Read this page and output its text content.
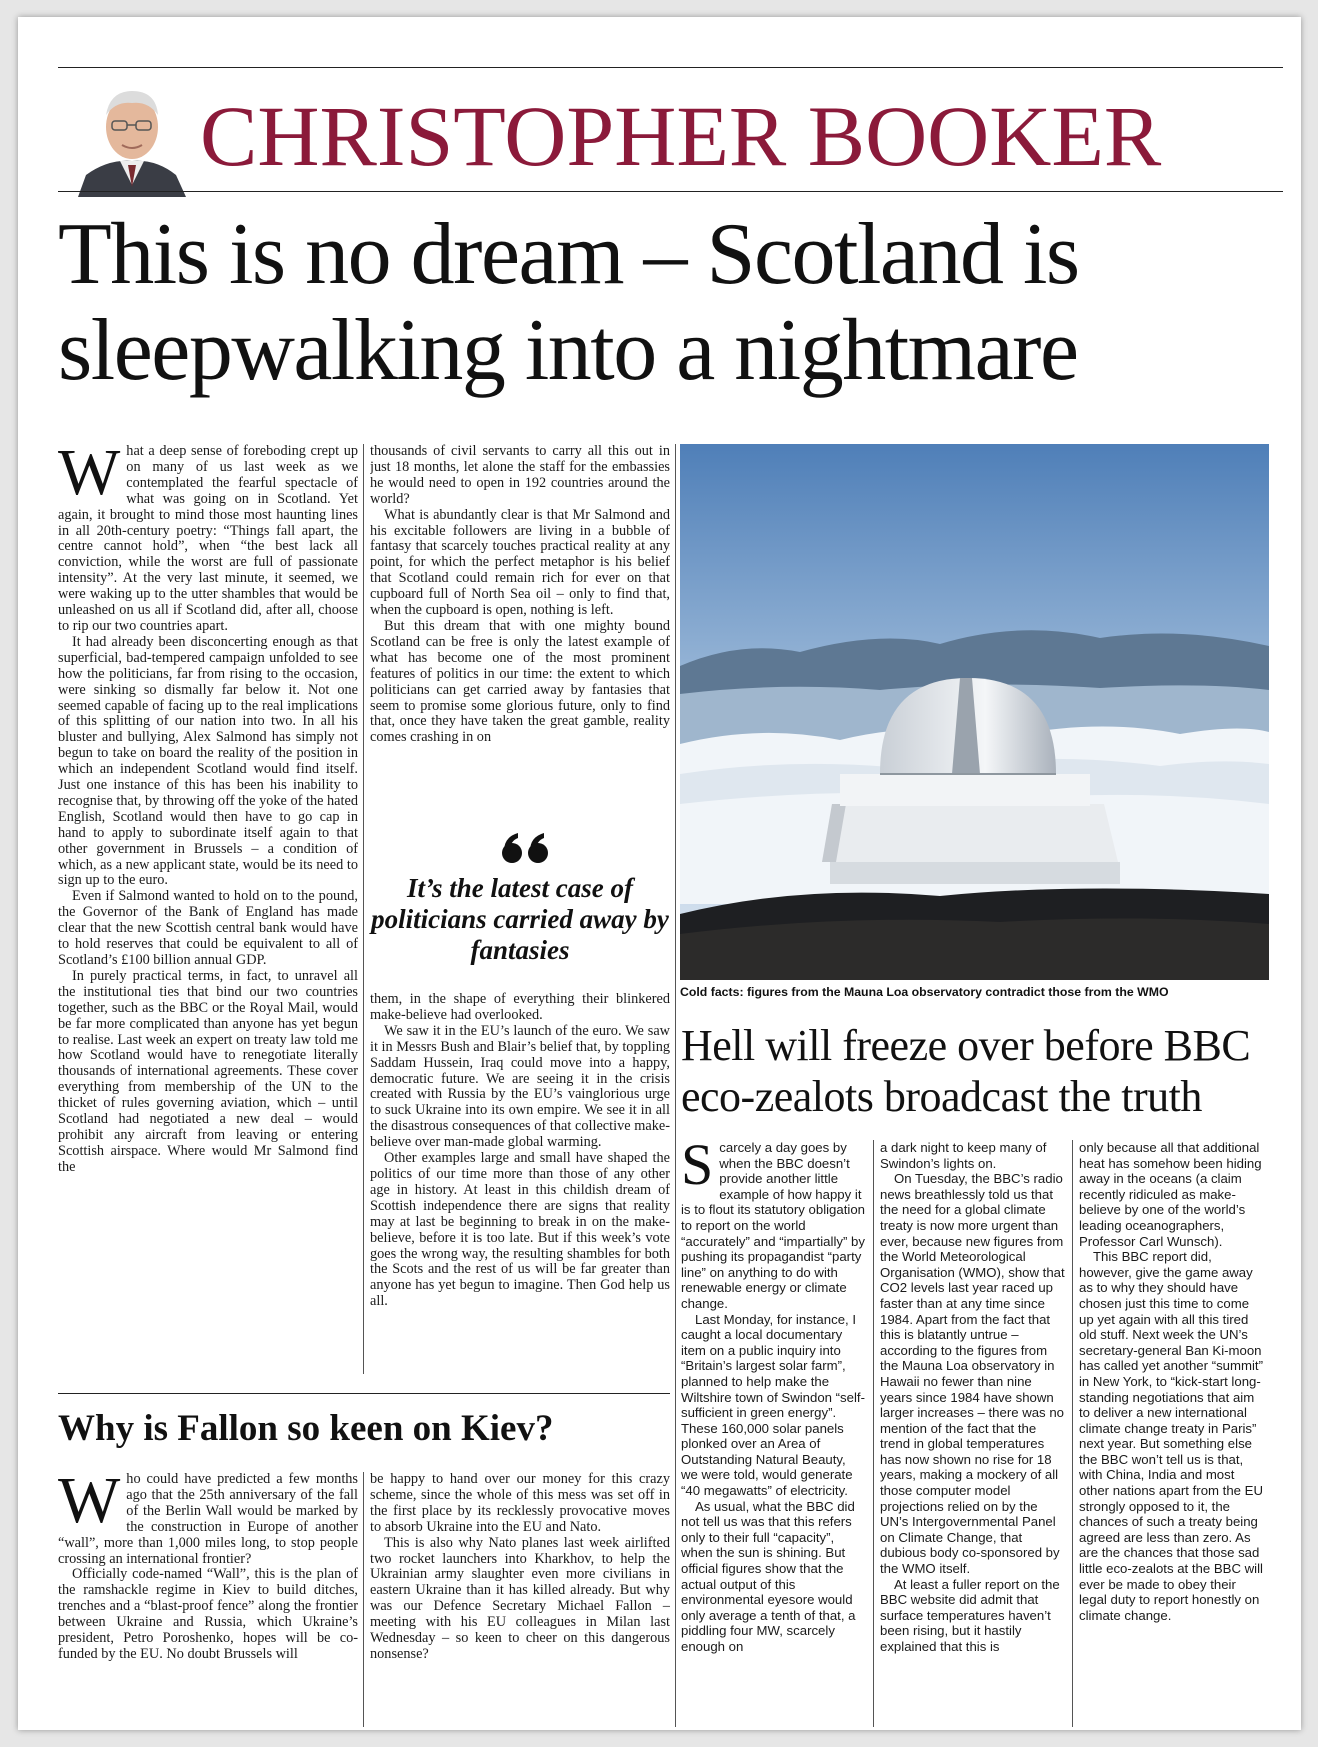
CHRISTOPHER BOOKER
This is no dream – Scotland is
sleepwalking into a nightmare

What a deep sense of foreboding crept up on many of us last week as we contemplated the fearful spectacle of what was going on in Scotland. Yet again, it brought to mind those most haunting lines in all 20th-century poetry: “Things fall apart, the centre cannot hold”, when “the best lack all conviction, while the worst are full of passionate intensity”. At the very last minute, it seemed, we were waking up to the utter shambles that would be unleashed on us all if Scotland did, after all, choose to rip our two countries apart.

It had already been disconcerting enough as that superficial, bad-tempered campaign unfolded to see how the politicians, far from rising to the occasion, were sinking so dismally far below it. Not one seemed capable of facing up to the real implications of this splitting of our nation into two. In all his bluster and bullying, Alex Salmond has simply not begun to take on board the reality of the position in which an independent Scotland would find itself. Just one instance of this has been his inability to recognise that, by throwing off the yoke of the hated English, Scotland would then have to go cap in hand to apply to subordinate itself again to that other government in Brussels – a condition of which, as a new applicant state, would be its need to sign up to the euro.

Even if Salmond wanted to hold on to the pound, the Governor of the Bank of England has made clear that the new Scottish central bank would have to hold reserves that could be equivalent to all of Scotland’s £100 billion annual GDP.

In purely practical terms, in fact, to unravel all the institutional ties that bind our two countries together, such as the BBC or the Royal Mail, would be far more complicated than anyone has yet begun to realise. Last week an expert on treaty law told me how Scotland would have to renegotiate literally thousands of international agreements. These cover everything from membership of the UN to the thicket of rules governing aviation, which – until Scotland had negotiated a new deal – would prohibit any aircraft from leaving or entering Scottish airspace. Where would Mr Salmond find the

thousands of civil servants to carry all this out in just 18 months, let alone the staff for the embassies he would need to open in 192 countries around the world?

What is abundantly clear is that Mr Salmond and his excitable followers are living in a bubble of fantasy that scarcely touches practical reality at any point, for which the perfect metaphor is his belief that Scotland could remain rich for ever on that cupboard full of North Sea oil – only to find that, when the cupboard is open, nothing is left.

But this dream that with one mighty bound Scotland can be free is only the latest example of what has become one of the most prominent features of politics in our time: the extent to which politicians can get carried away by fantasies that seem to promise some glorious future, only to find that, once they have taken the great gamble, reality comes crashing in on

It’s the latest case of politicians carried away by fantasies

them, in the shape of everything their blinkered make-believe had overlooked.

We saw it in the EU’s launch of the euro. We saw it in Messrs Bush and Blair’s belief that, by toppling Saddam Hussein, Iraq could move into a happy, democratic future. We are seeing it in the crisis created with Russia by the EU’s vainglorious urge to suck Ukraine into its own empire. We see it in all the disastrous consequences of that collective make-believe over man-made global warming.

Other examples large and small have shaped the politics of our time more than those of any other age in history. At least in this childish dream of Scottish independence there are signs that reality may at last be beginning to break in on the make-believe, before it is too late. But if this week’s vote goes the wrong way, the resulting shambles for both the Scots and the rest of us will be far greater than anyone has yet begun to imagine. Then God help us all.

Cold facts: figures from the Mauna Loa observatory contradict those from the WMO
Hell will freeze over before BBC
eco-zealots broadcast the truth

Scarcely a day goes by when the BBC doesn’t provide another little example of how happy it is to flout its statutory obligation to report on the world “accurately” and “impartially” by pushing its propagandist “party line” on anything to do with renewable energy or climate change.

Last Monday, for instance, I caught a local documentary item on a public inquiry into “Britain’s largest solar farm”, planned to help make the Wiltshire town of Swindon “self-sufficient in green energy”. These 160,000 solar panels plonked over an Area of Outstanding Natural Beauty, we were told, would generate “40 megawatts” of electricity.

As usual, what the BBC did not tell us was that this refers only to their full “capacity”, when the sun is shining. But official figures show that the actual output of this environmental eyesore would only average a tenth of that, a piddling four MW, scarcely enough on

a dark night to keep many of Swindon’s lights on.

On Tuesday, the BBC’s radio news breathlessly told us that the need for a global climate treaty is now more urgent than ever, because new figures from the World Meteorological Organisation (WMO), show that CO2 levels last year raced up faster than at any time since 1984. Apart from the fact that this is blatantly untrue – according to the figures from the Mauna Loa observatory in Hawaii no fewer than nine years since 1984 have shown larger increases – there was no mention of the fact that the trend in global temperatures has now shown no rise for 18 years, making a mockery of all those computer model projections relied on by the UN’s Intergovernmental Panel on Climate Change, that dubious body co-sponsored by the WMO itself.

At least a fuller report on the BBC website did admit that surface temperatures haven’t been rising, but it hastily explained that this is

only because all that additional heat has somehow been hiding away in the oceans (a claim recently ridiculed as make-believe by one of the world’s leading oceanographers, Professor Carl Wunsch).

This BBC report did, however, give the game away as to why they should have chosen just this time to come up yet again with all this tired old stuff. Next week the UN’s secretary-general Ban Ki-moon has called yet another “summit” in New York, to “kick-start long-standing negotiations that aim to deliver a new international climate change treaty in Paris” next year. But something else the BBC won’t tell us is that, with China, India and most other nations apart from the EU strongly opposed to it, the chances of such a treaty being agreed are less than zero. As are the chances that those sad little eco-zealots at the BBC will ever be made to obey their legal duty to report honestly on climate change.

Why is Fallon so keen on Kiev?

Who could have predicted a few months ago that the 25th anniversary of the fall of the Berlin Wall would be marked by the construction in Europe of another “wall”, more than 1,000 miles long, to stop people crossing an international frontier?

Officially code-named “Wall”, this is the plan of the ramshackle regime in Kiev to build ditches, trenches and a “blast-proof fence” along the frontier between Ukraine and Russia, which Ukraine’s president, Petro Poroshenko, hopes will be co-funded by the EU. No doubt Brussels will

be happy to hand over our money for this crazy scheme, since the whole of this mess was set off in the first place by its recklessly provocative moves to absorb Ukraine into the EU and Nato.

This is also why Nato planes last week airlifted two rocket launchers into Kharkhov, to help the Ukrainian army slaughter even more civilians in eastern Ukraine than it has killed already. But why was our Defence Secretary Michael Fallon – meeting with his EU colleagues in Milan last Wednesday – so keen to cheer on this dangerous nonsense?
